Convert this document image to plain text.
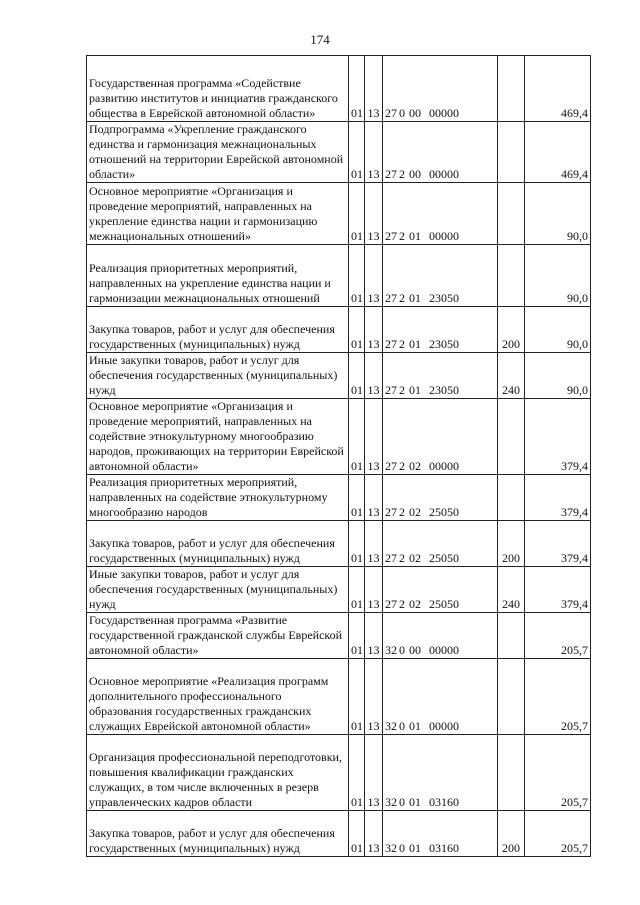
174
Государственная программа «Содействие развитию институтов и инициатив гражданского общества в Еврейской автономной области»	01	13	27 0 00 00000		469,4
Подпрограмма «Укрепление гражданского единства и гармонизация межнациональных отношений на территории Еврейской автономной области»	01	13	27 2 00 00000		469,4
Основное мероприятие «Организация и проведение мероприятий, направленных на укрепление единства нации и гармонизацию межнациональных отношений»	01	13	27 2 01 00000		90,0
Реализация приоритетных мероприятий, направленных на укрепление единства нации и гармонизации межнациональных отношений	01	13	27 2 01 23050		90,0
Закупка товаров, работ и услуг для обеспечения государственных (муниципальных) нужд	01	13	27 2 01 23050	200	90,0
Иные закупки товаров, работ и услуг для обеспечения государственных (муниципальных) нужд	01	13	27 2 01 23050	240	90,0
Основное мероприятие «Организация и проведение мероприятий, направленных на содействие этнокультурному многообразию народов, проживающих на территории Еврейской автономной области»	01	13	27 2 02 00000		379,4
Реализация приоритетных мероприятий, направленных на содействие этнокультурному многообразию народов	01	13	27 2 02 25050		379,4
Закупка товаров, работ и услуг для обеспечения государственных (муниципальных) нужд	01	13	27 2 02 25050	200	379,4
Иные закупки товаров, работ и услуг для обеспечения государственных (муниципальных) нужд	01	13	27 2 02 25050	240	379,4
Государственная программа «Развитие государственной гражданской службы Еврейской автономной области»	01	13	32 0 00 00000		205,7
Основное мероприятие «Реализация программ дополнительного профессионального образования государственных гражданских служащих Еврейской автономной области»	01	13	32 0 01 00000		205,7
Организация профессиональной переподготовки, повышения квалификации гражданских служащих, в том числе включенных в резерв управленческих кадров области	01	13	32 0 01 03160		205,7
Закупка товаров, работ и услуг для обеспечения государственных (муниципальных) нужд	01	13	32 0 01 03160	200	205,7
